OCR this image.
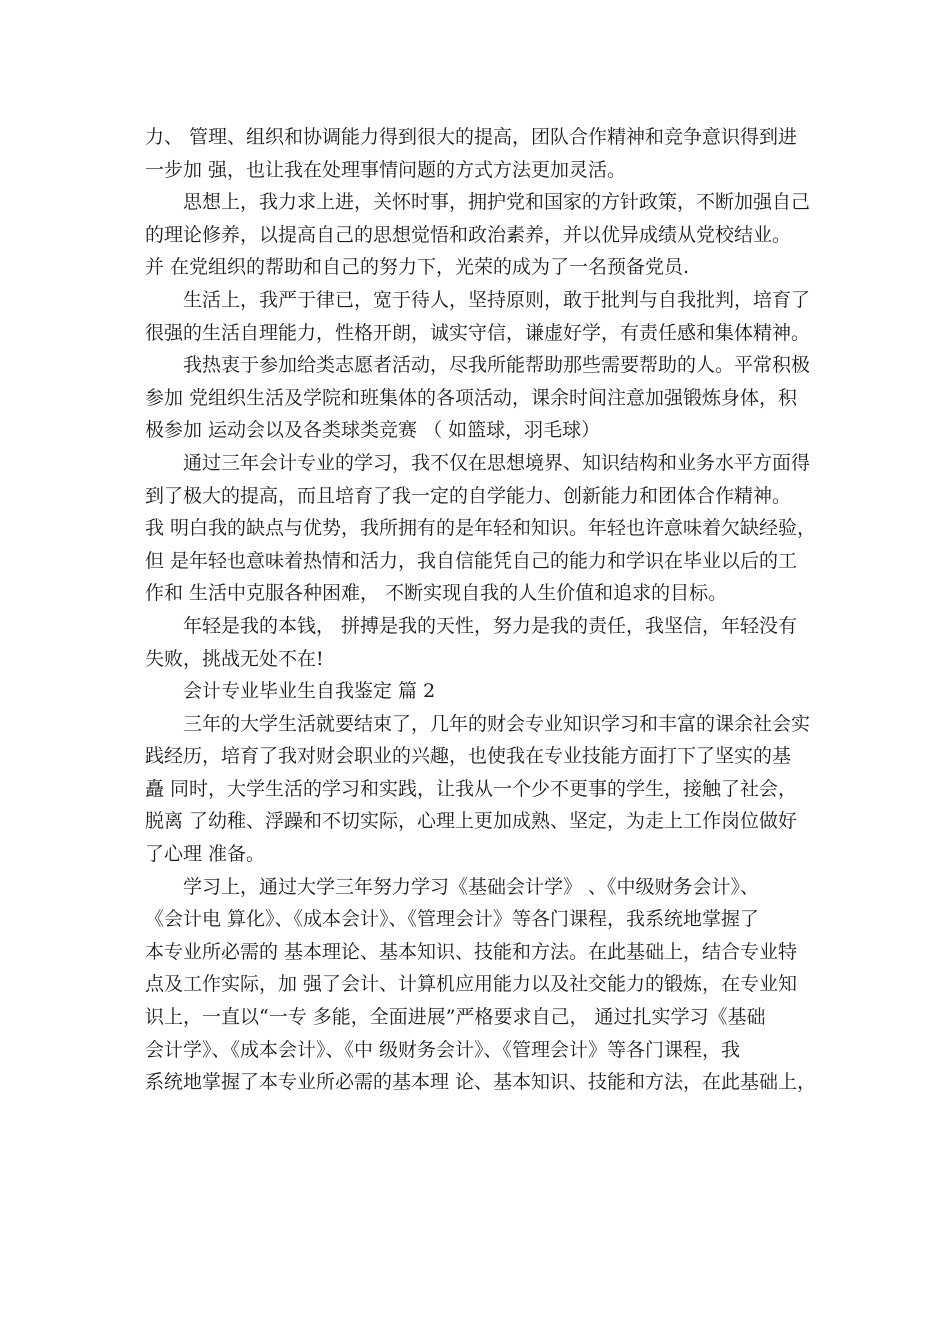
力、 管理、组织和协调能力得到很大的提高，团队合作精神和竞争意识得到进
一步加 强，也让我在处理事情问题的方式方法更加灵活。
　　思想上，我力求上进，关怀时事，拥护党和国家的方针政策，不断加强自己
的理论修养，以提高自己的思想觉悟和政治素养，并以优异成绩从党校结业。
并 在党组织的帮助和自己的努力下，光荣的成为了一名预备党员.
　　生活上，我严于律已，宽于待人，坚持原则，敢于批判与自我批判，培育了
很强的生活自理能力，性格开朗，诚实守信，谦虚好学，有责任感和集体精神。
　　我热衷于参加给类志愿者活动，尽我所能帮助那些需要帮助的人。平常积极
参加 党组织生活及学院和班集体的各项活动，课余时间注意加强锻炼身体，积
极参加 运动会以及各类球类竞赛 （ 如篮球，羽毛球）
　　通过三年会计专业的学习，我不仅在思想境界、知识结构和业务水平方面得
到了极大的提高，而且培育了我一定的自学能力、创新能力和团体合作精神。
我 明白我的缺点与优势，我所拥有的是年轻和知识。年轻也许意味着欠缺经验，
但 是年轻也意味着热情和活力，我自信能凭自己的能力和学识在毕业以后的工
作和 生活中克服各种困难， 不断实现自我的人生价值和追求的目标。
　　年轻是我的本钱， 拼搏是我的天性，努力是我的责任，我坚信，年轻没有
失败，挑战无处不在!
　　会计专业毕业生自我鉴定 篇 2
　　三年的大学生活就要结束了，几年的财会专业知识学习和丰富的课余社会实
践经历，培育了我对财会职业的兴趣，也使我在专业技能方面打下了坚实的基
矗 同时，大学生活的学习和实践，让我从一个少不更事的学生，接触了社会，
脱离 了幼稚、浮躁和不切实际，心理上更加成熟、坚定，为走上工作岗位做好
了心理 准备。
　　学习上，通过大学三年努力学习《基础会计学》 、《中级财务会计》、
《会计电 算化》、《成本会计》、《管理会计》等各门课程，我系统地掌握了
本专业所必需的 基本理论、基本知识、技能和方法。在此基础上，结合专业特
点及工作实际，加 强了会计、计算机应用能力以及社交能力的锻炼，在专业知
识上，一直以“一专 多能，全面进展”严格要求自己， 通过扎实学习《基础
会计学》、《成本会计》、《中 级财务会计》、《管理会计》等各门课程，我
系统地掌握了本专业所必需的基本理 论、基本知识、技能和方法，在此基础上，
